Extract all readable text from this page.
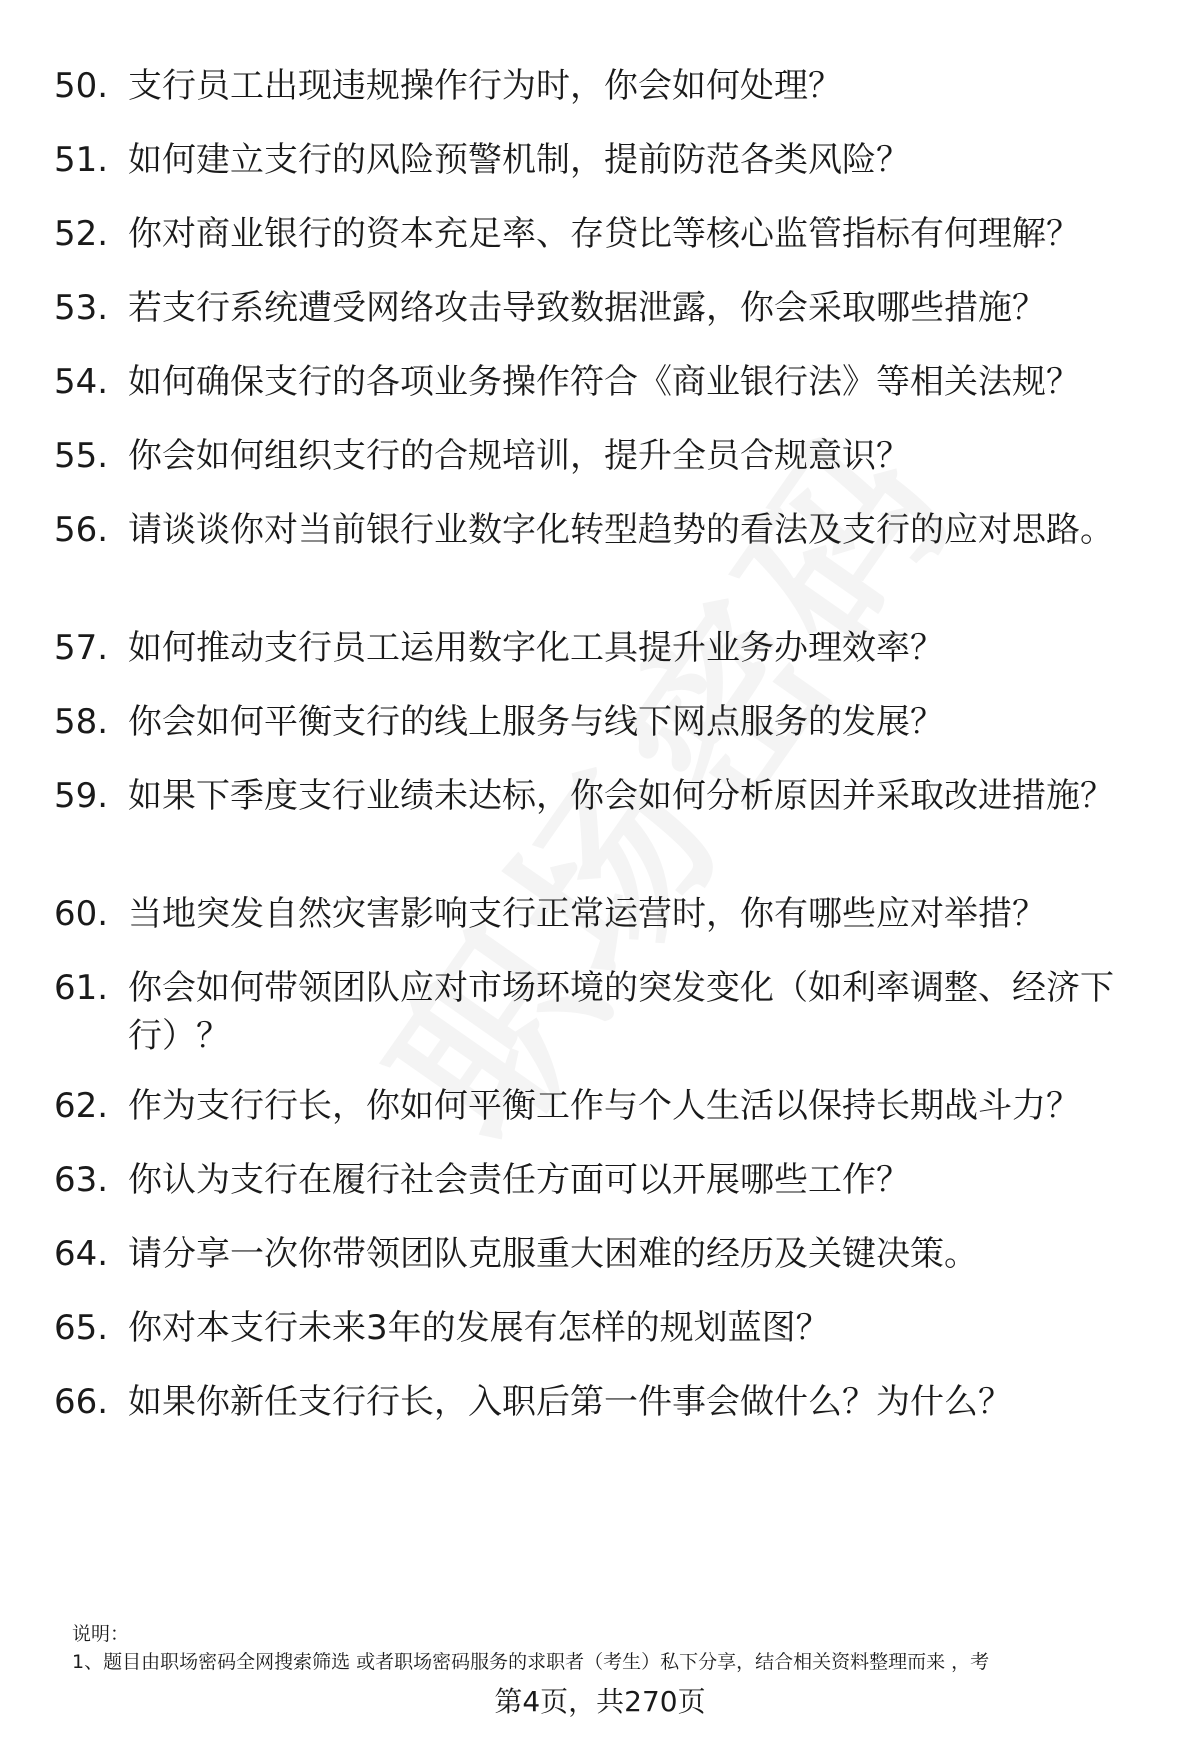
50. 支行员工出现违规操作行为时，你会如何处理？
51. 如何建立支行的风险预警机制，提前防范各类风险？
52. 你对商业银行的资本充足率、存贷比等核心监管指标有何理解？
53. 若支行系统遭受网络攻击导致数据泄露，你会采取哪些措施？
54. 如何确保支行的各项业务操作符合《商业银行法》等相关法规？
55. 你会如何组织支行的合规培训，提升全员合规意识？
56. 请谈谈你对当前银行业数字化转型趋势的看法及支行的应对思路。
57. 如何推动支行员工运用数字化工具提升业务办理效率？
58. 你会如何平衡支行的线上服务与线下网点服务的发展？
59. 如果下季度支行业绩未达标，你会如何分析原因并采取改进措施？
60. 当地突发自然灾害影响支行正常运营时，你有哪些应对举措？
61. 你会如何带领团队应对市场环境的突发变化（如利率调整、经济下行）？
62. 作为支行行长，你如何平衡工作与个人生活以保持长期战斗力？
63. 你认为支行在履行社会责任方面可以开展哪些工作？
64. 请分享一次你带领团队克服重大困难的经历及关键决策。
65. 你对本支行未来3年的发展有怎样的规划蓝图？
66. 如果你新任支行行长，入职后第一件事会做什么？为什么？
说明：
1、题目由职场密码全网搜索筛选 或者职场密码服务的求职者（考生）私下分享，结合相关资料整理而来 ，考
第4页，共270页
